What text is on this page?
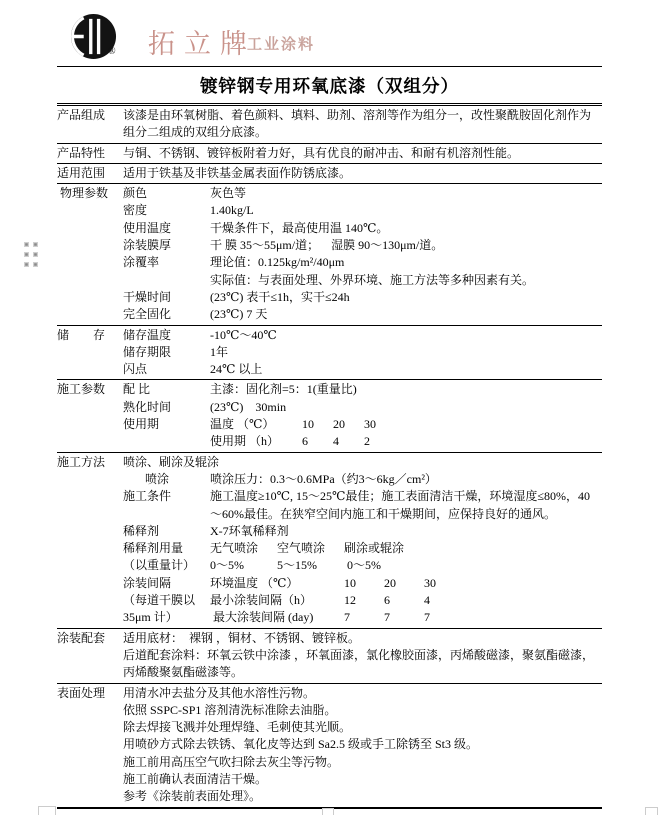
® 拓立牌
工业涂料
镀锌钢专用环氧底漆（双组分）
产品组成	该漆是由环氧树脂、着色颜料、填料、助剂、溶剂等作为组分一，改性聚酰胺固化剂作为组分二组成的双组分底漆。
产品特性	与铜、不锈钢、镀锌板附着力好，具有优良的耐冲击、和耐有机溶剂性能。
适用范围	适用于铁基及非铁基金属表面作防锈底漆。
物理参数	颜色	灰色等
密度	1.40kg/L
使用温度	干燥条件下，最高使用温 140℃。
涂装膜厚	干 膜 35～55μm/道；    湿膜 90～130μm/道。
涂覆率	理论值：0.125kg/m²/40μm
实际值：与表面处理、外界环境、施工方法等多种因素有关。
干燥时间	(23℃) 表干≤1h，实干≤24h
完全固化	(23℃) 7 天
储　　存	储存温度	-10℃～40℃
储存期限	1年
闪点	24℃ 以上
施工参数	配 比	主漆：固化剂=5：1(重量比)
熟化时间	(23℃)    30min
使用期	温度 （℃） 10 20 30
使用期 （h） 6 4 2
施工方法	喷涂、刷涂及辊涂
喷涂	喷涂压力：0.3～0.6MPa（约3～6kg／cm²）
施工条件	施工温度≥10℃, 15～25℃最佳；施工表面清洁干燥，环境湿度≤80%，40～60%最佳。在狭窄空间内施工和干燥期间，应保持良好的通风。
稀释剂	X-7环氧稀释剂
稀释剂用量	无气喷涂 空气喷涂 刷涂或辊涂
（以重量计）	0～5%	5～15% 0～5%
涂装间隔	环境温度 （℃）	10 20 30
（每道干膜以	最小涂装间隔（h）	12 6	4
35μm 计）	最大涂装间隔 (day)	7	7	7
涂装配套	适用底材：  裸钢 ，铜材、不锈钢、镀锌板。
后道配套涂料：环氧云铁中涂漆 ，环氧面漆，氯化橡胶面漆，丙烯酸磁漆，聚氨酯磁漆，丙烯酸聚氨酯磁漆等。
表面处理	用清水冲去盐分及其他水溶性污物。
依照 SSPC-SP1 溶剂清洗标准除去油脂。
除去焊接飞溅并处理焊缝、毛刺使其光顺。
用喷砂方式除去铁锈、氧化皮等达到 Sa2.5 级或手工除锈至 St3 级。
施工前用高压空气吹扫除去灰尘等污物。
施工前确认表面清洁干燥。
参考《涂装前表面处理》。
